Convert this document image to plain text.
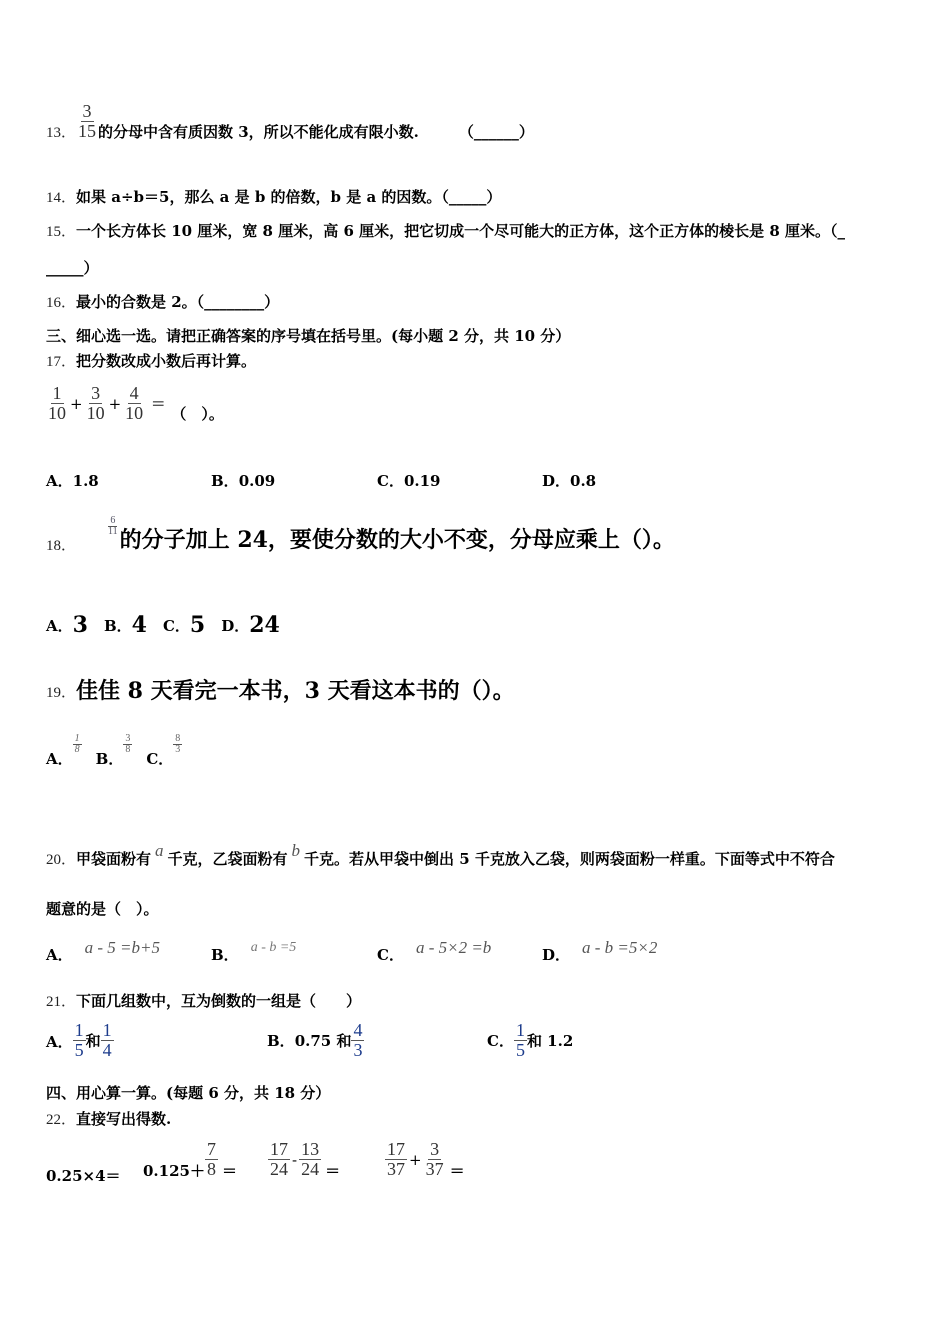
13． $\frac{3}{15}$ 的分母中含有质因数 3，所以不能化成有限小数.	（______）
14．如果 a÷b＝5，那么 a 是 b 的倍数，b 是 a 的因数。（_____）
15．一个长方体长 10 厘米，宽 8 厘米，高 6 厘米，把它切成一个尽可能大的正方体，这个正方体的棱长是 8 厘米。（_
_____）
16．最小的合数是 2。（________）
三、细心选一选。请把正确答案的序号填在括号里。(每小题 2 分，共 10 分）
17．把分数改成小数后再计算。
$\frac{1}{10} + \frac{3}{10} + \frac{4}{10}$ =
（　）。
A．1.8	B．0.09	C．0.19	D．0.8
18．
$\frac{6}{11}$
的分子加上 24，要使分数的大小不变，分母应乘上（）。
A． 3 B． 4 C． 5 D． 24
19． 佳佳 8 天看完一本书，3 天看这本书的（）。
A．
$\frac{1}{8}$
B．
$\frac{3}{8}$
C．
$\frac{8}{3}$
20． 甲袋面粉有 a 千克，乙袋面粉有 b 千克。若从甲袋中倒出 5 千克放入乙袋，则两袋面粉一样重。下面等式中不符合
题意的是（　）。
A． a - 5 =b+5	B． a - b =5	C． a - 5×2 =b	D． a - b =5×2
21．下面几组数中，互为倒数的一组是（　　）
A． $\frac{1}{5}$ 和 $\frac{1}{4}$	B． 0.75 和 $\frac{4}{3}$	C． $\frac{1}{5}$ 和 1.2
四、用心算一算。(每题 6 分，共 18 分）
22．直接写出得数.
$0.25\times 4= 0.125+ \frac{7}{8} = \frac{17}{24} - \frac{13}{24} = \frac{17}{37} + \frac{3}{37}$ ＝
